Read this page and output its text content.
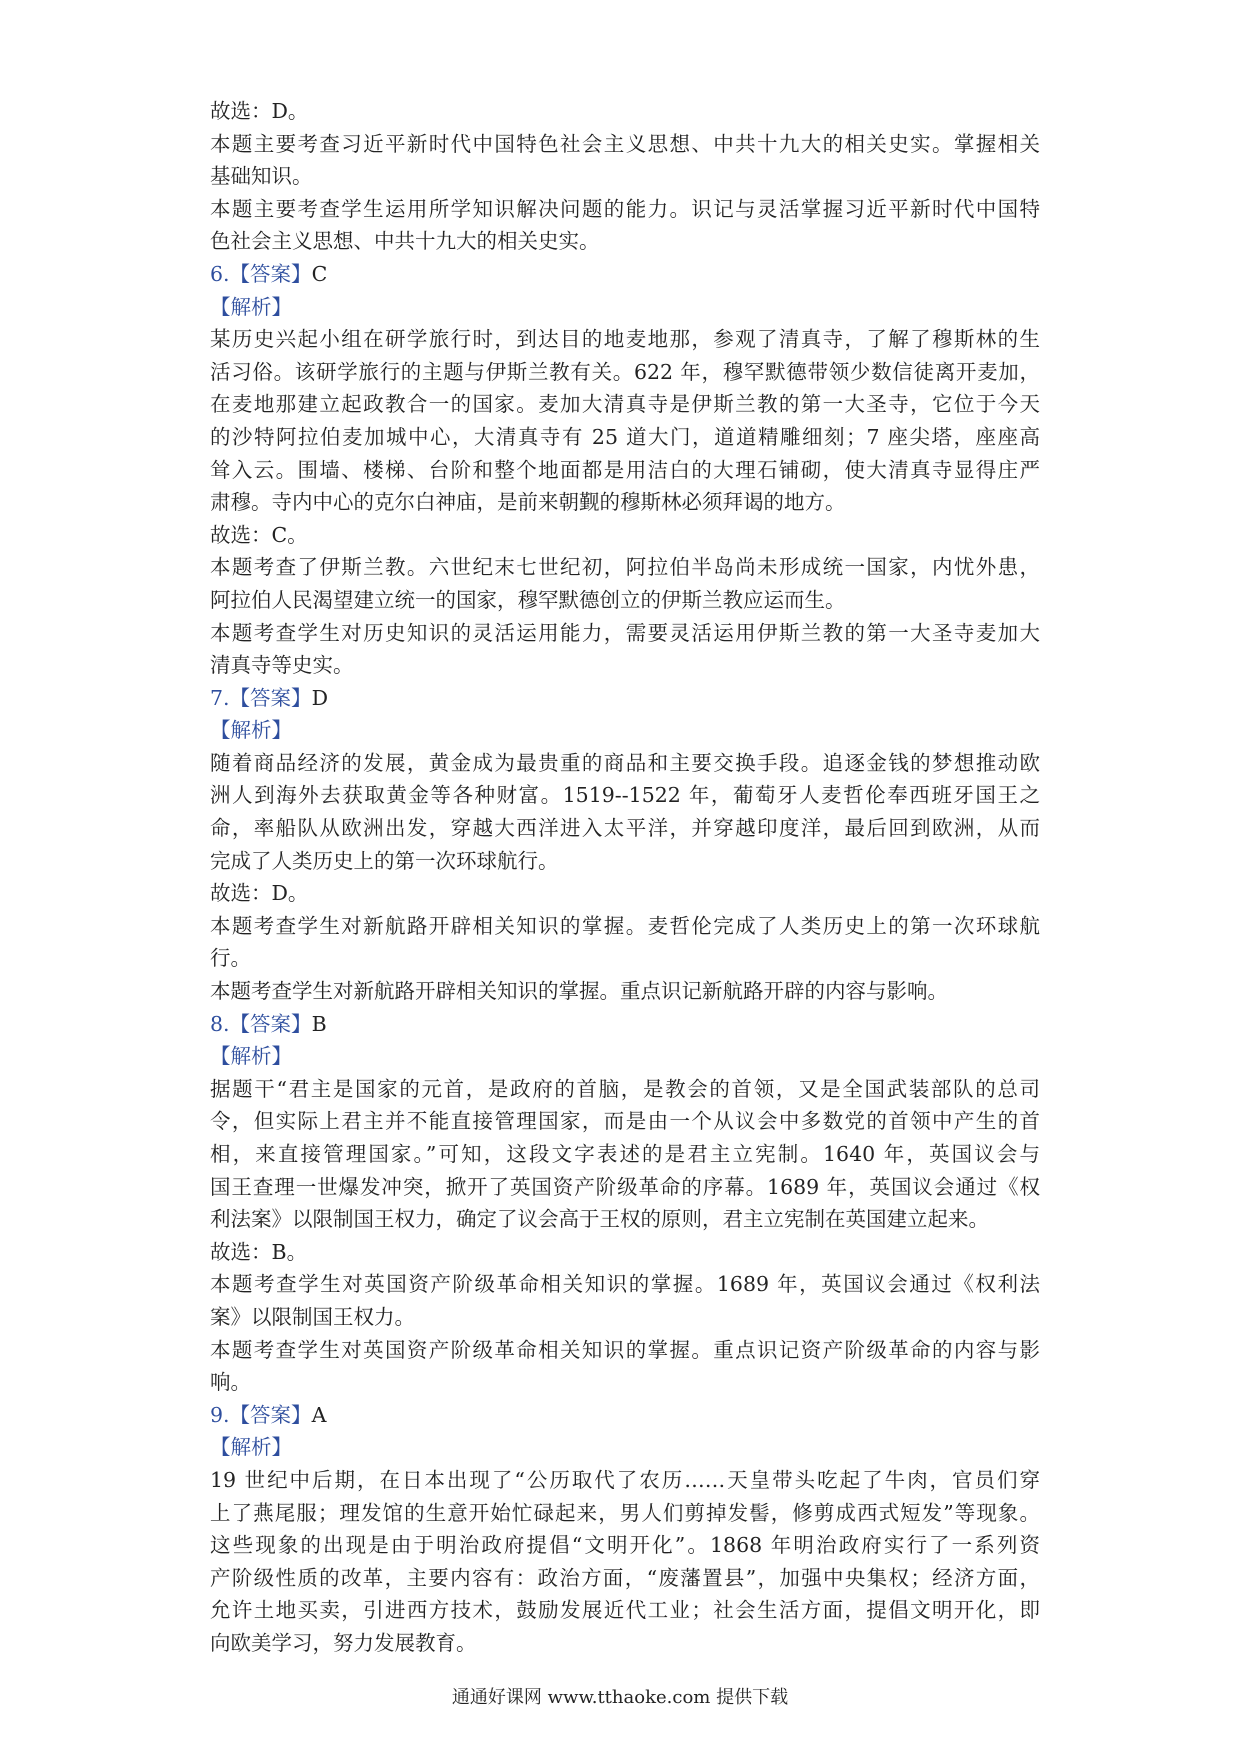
故选：D。
本题主要考查习近平新时代中国特色社会主义思想、中共十九大的相关史实。掌握相关
基础知识。
本题主要考查学生运用所学知识解决问题的能力。识记与灵活掌握习近平新时代中国特
色社会主义思想、中共十九大的相关史实。
6.【答案】C
【解析】
某历史兴起小组在研学旅行时，到达目的地麦地那，参观了清真寺，了解了穆斯林的生
活习俗。该研学旅行的主题与伊斯兰教有关。622 年，穆罕默德带领少数信徒离开麦加，
在麦地那建立起政教合一的国家。麦加大清真寺是伊斯兰教的第一大圣寺，它位于今天
的沙特阿拉伯麦加城中心，大清真寺有 25 道大门，道道精雕细刻；7 座尖塔，座座高
耸入云。围墙、楼梯、台阶和整个地面都是用洁白的大理石铺砌，使大清真寺显得庄严
肃穆。寺内中心的克尔白神庙，是前来朝觐的穆斯林必须拜谒的地方。
故选：C。
本题考查了伊斯兰教。六世纪末七世纪初，阿拉伯半岛尚未形成统一国家，内忧外患，
阿拉伯人民渴望建立统一的国家，穆罕默德创立的伊斯兰教应运而生。
本题考查学生对历史知识的灵活运用能力，需要灵活运用伊斯兰教的第一大圣寺麦加大
清真寺等史实。
7.【答案】D
【解析】
随着商品经济的发展，黄金成为最贵重的商品和主要交换手段。追逐金钱的梦想推动欧
洲人到海外去获取黄金等各种财富。1519--1522 年，葡萄牙人麦哲伦奉西班牙国王之
命，率船队从欧洲出发，穿越大西洋进入太平洋，并穿越印度洋，最后回到欧洲，从而
完成了人类历史上的第一次环球航行。
故选：D。
本题考查学生对新航路开辟相关知识的掌握。麦哲伦完成了人类历史上的第一次环球航
行。
本题考查学生对新航路开辟相关知识的掌握。重点识记新航路开辟的内容与影响。
8.【答案】B
【解析】
据题干“君主是国家的元首，是政府的首脑，是教会的首领，又是全国武装部队的总司
令，但实际上君主并不能直接管理国家，而是由一个从议会中多数党的首领中产生的首
相，来直接管理国家。”可知，这段文字表述的是君主立宪制。1640 年，英国议会与
国王查理一世爆发冲突，掀开了英国资产阶级革命的序幕。1689 年，英国议会通过《权
利法案》以限制国王权力，确定了议会高于王权的原则，君主立宪制在英国建立起来。
故选：B。
本题考查学生对英国资产阶级革命相关知识的掌握。1689 年，英国议会通过《权利法
案》以限制国王权力。
本题考查学生对英国资产阶级革命相关知识的掌握。重点识记资产阶级革命的内容与影
响。
9.【答案】A
【解析】
19 世纪中后期，在日本出现了“公历取代了农历……天皇带头吃起了牛肉，官员们穿
上了燕尾服；理发馆的生意开始忙碌起来，男人们剪掉发髻，修剪成西式短发”等现象。
这些现象的出现是由于明治政府提倡“文明开化”。1868 年明治政府实行了一系列资
产阶级性质的改革，主要内容有：政治方面，“废藩置县”，加强中央集权；经济方面，
允许土地买卖，引进西方技术，鼓励发展近代工业；社会生活方面，提倡文明开化，即
向欧美学习，努力发展教育。
通通好课网 www.tthaoke.com 提供下载
